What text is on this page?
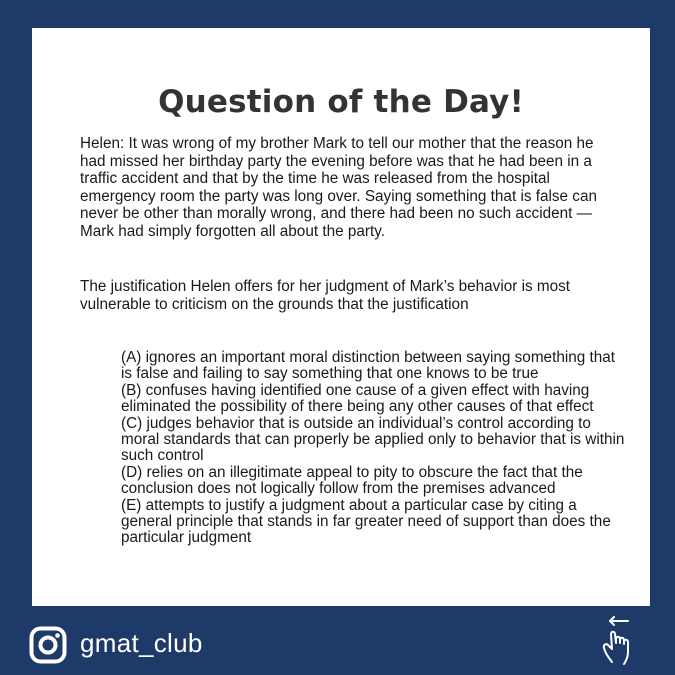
Question of the Day!

Helen: It was wrong of my brother Mark to tell our mother that the reason he had missed her birthday party the evening before was that he had been in a traffic accident and that by the time he was released from the hospital emergency room the party was long over. Saying something that is false can never be other than morally wrong, and there had been no such accident —Mark had simply forgotten all about the party.

The justification Helen offers for her judgment of Mark’s behavior is most vulnerable to criticism on the grounds that the justification

(A) ignores an important moral distinction between saying something that is false and failing to say something that one knows to be true
(B) confuses having identified one cause of a given effect with having eliminated the possibility of there being any other causes of that effect
(C) judges behavior that is outside an individual’s control according to moral standards that can properly be applied only to behavior that is within such control
(D) relies on an illegitimate appeal to pity to obscure the fact that the conclusion does not logically follow from the premises advanced
(E) attempts to justify a judgment about a particular case by citing a general principle that stands in far greater need of support than does the particular judgment
gmat_club
